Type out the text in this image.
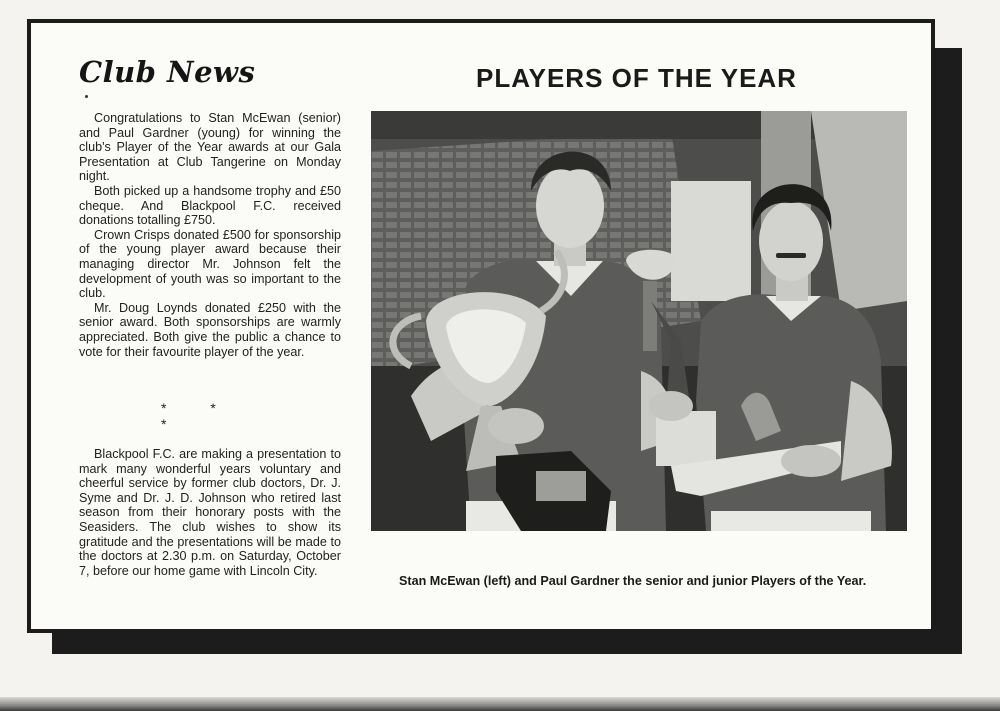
Club News	PLAYERS OF THE YEAR

Congratulations to Stan McEwan (senior) and Paul Gardner (young) for winning the club's Player of the Year awards at our Gala Presentation at Club Tangerine on Monday night.

Both picked up a handsome trophy and £50 cheque. And Blackpool F.C. received donations totalling £750.

Crown Crisps donated £500 for sponsorship of the young player award because their managing director Mr. Johnson felt the development of youth was so important to the club.

Mr. Doug Loynds donated £250 with the senior award. Both sponsorships are warmly appreciated. Both give the public a chance to vote for their favourite player of the year.

* * *

Blackpool F.C. are making a presentation to mark many wonderful years voluntary and cheerful service by former club doctors, Dr. J. Syme and Dr. J. D. Johnson who retired last season from their honorary posts with the Seasiders. The club wishes to show its gratitude and the presentations will be made to the doctors at 2.30 p.m. on Saturday, October 7, before our home game with Lincoln City.

Stan McEwan (left) and Paul Gardner the senior and junior Players of the Year.
